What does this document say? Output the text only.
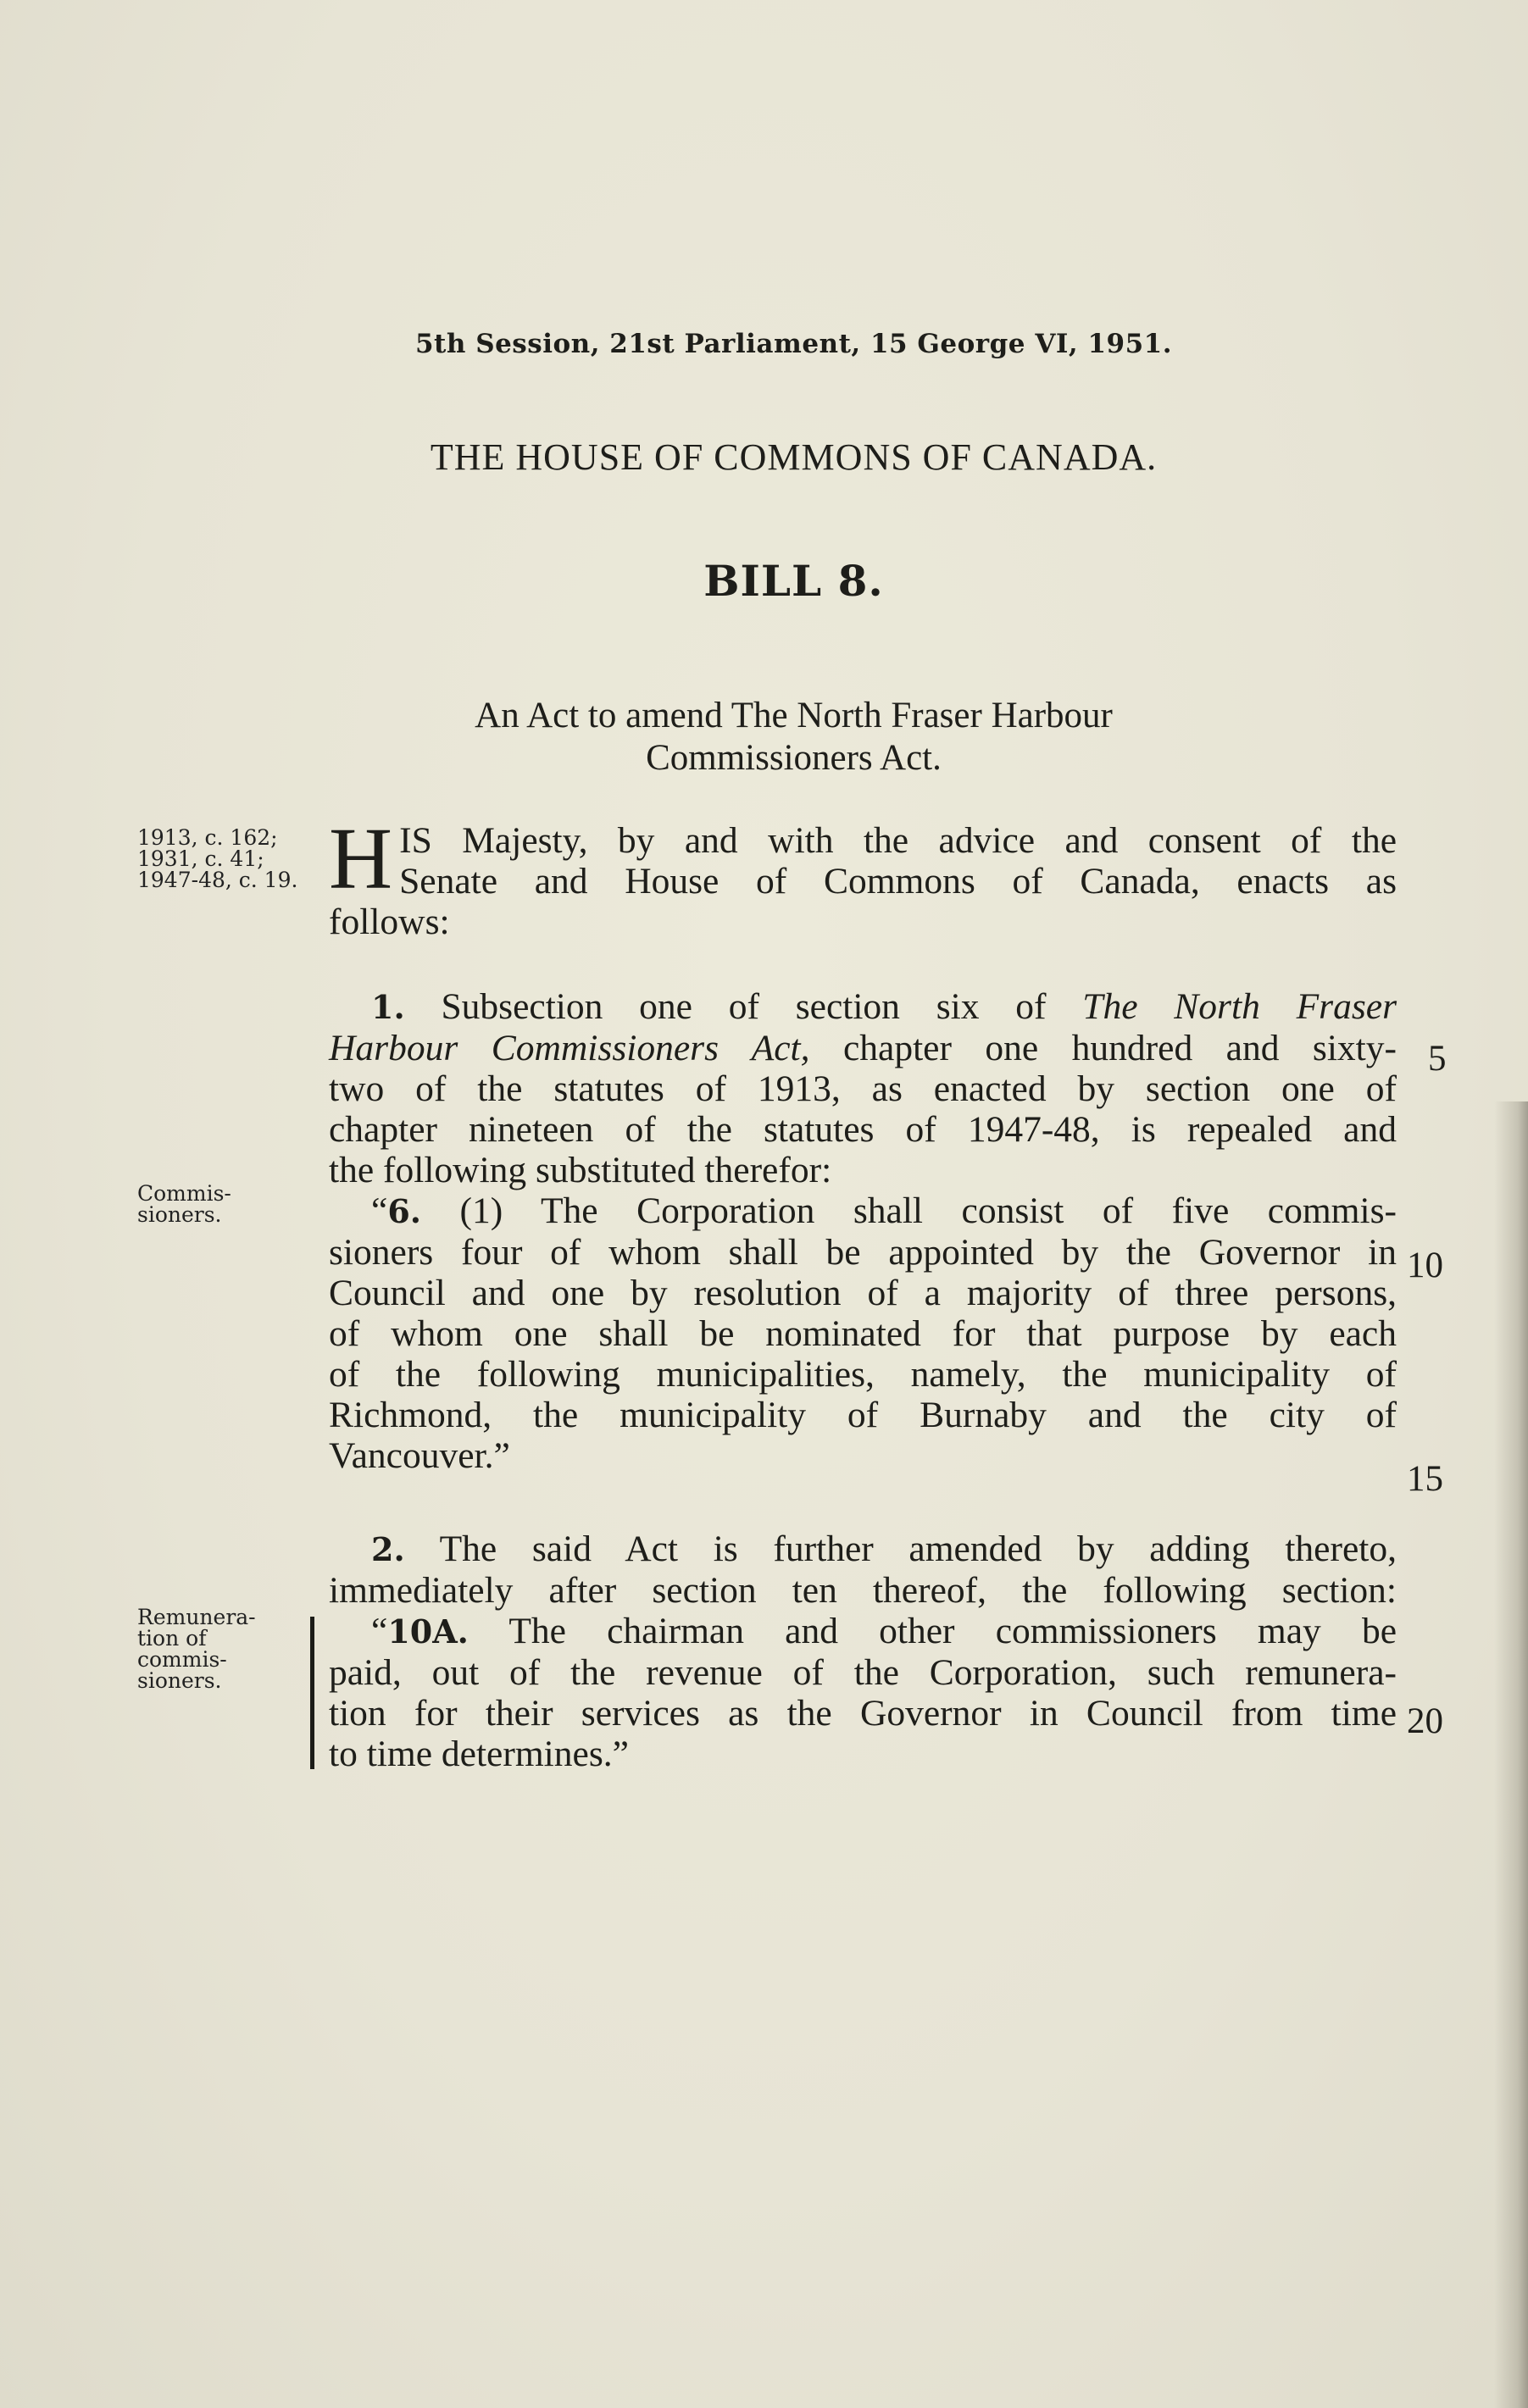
5th Session, 21st Parliament, 15 George VI, 1951.
THE HOUSE OF COMMONS OF CANADA.
BILL 8.
An Act to amend The North Fraser Harbour
Commissioners Act.
1913, c. 162;
1931, c. 41;
1947-48, c. 19.
Commis-
sioners.
Remunera-
tion of
commis-
sioners.
H IS Majesty, by and with the advice and consent of the
Senate and House of Commons of Canada, enacts as
follows:
1. Subsection one of section six of The North Fraser
Harbour Commissioners Act, chapter one hundred and sixty-
two of the statutes of 1913, as enacted by section one of
chapter nineteen of the statutes of 1947-48, is repealed and
the following substituted therefor:
“6. (1) The Corporation shall consist of five commis-
sioners four of whom shall be appointed by the Governor in
Council and one by resolution of a majority of three persons,
of whom one shall be nominated for that purpose by each
of the following municipalities, namely, the municipality of
Richmond, the municipality of Burnaby and the city of
Vancouver.”
2. The said Act is further amended by adding thereto,
immediately after section ten thereof, the following section:
“10A. The chairman and other commissioners may be
paid, out of the revenue of the Corporation, such remunera-
tion for their services as the Governor in Council from time
to time determines.”
5
10
15
20
